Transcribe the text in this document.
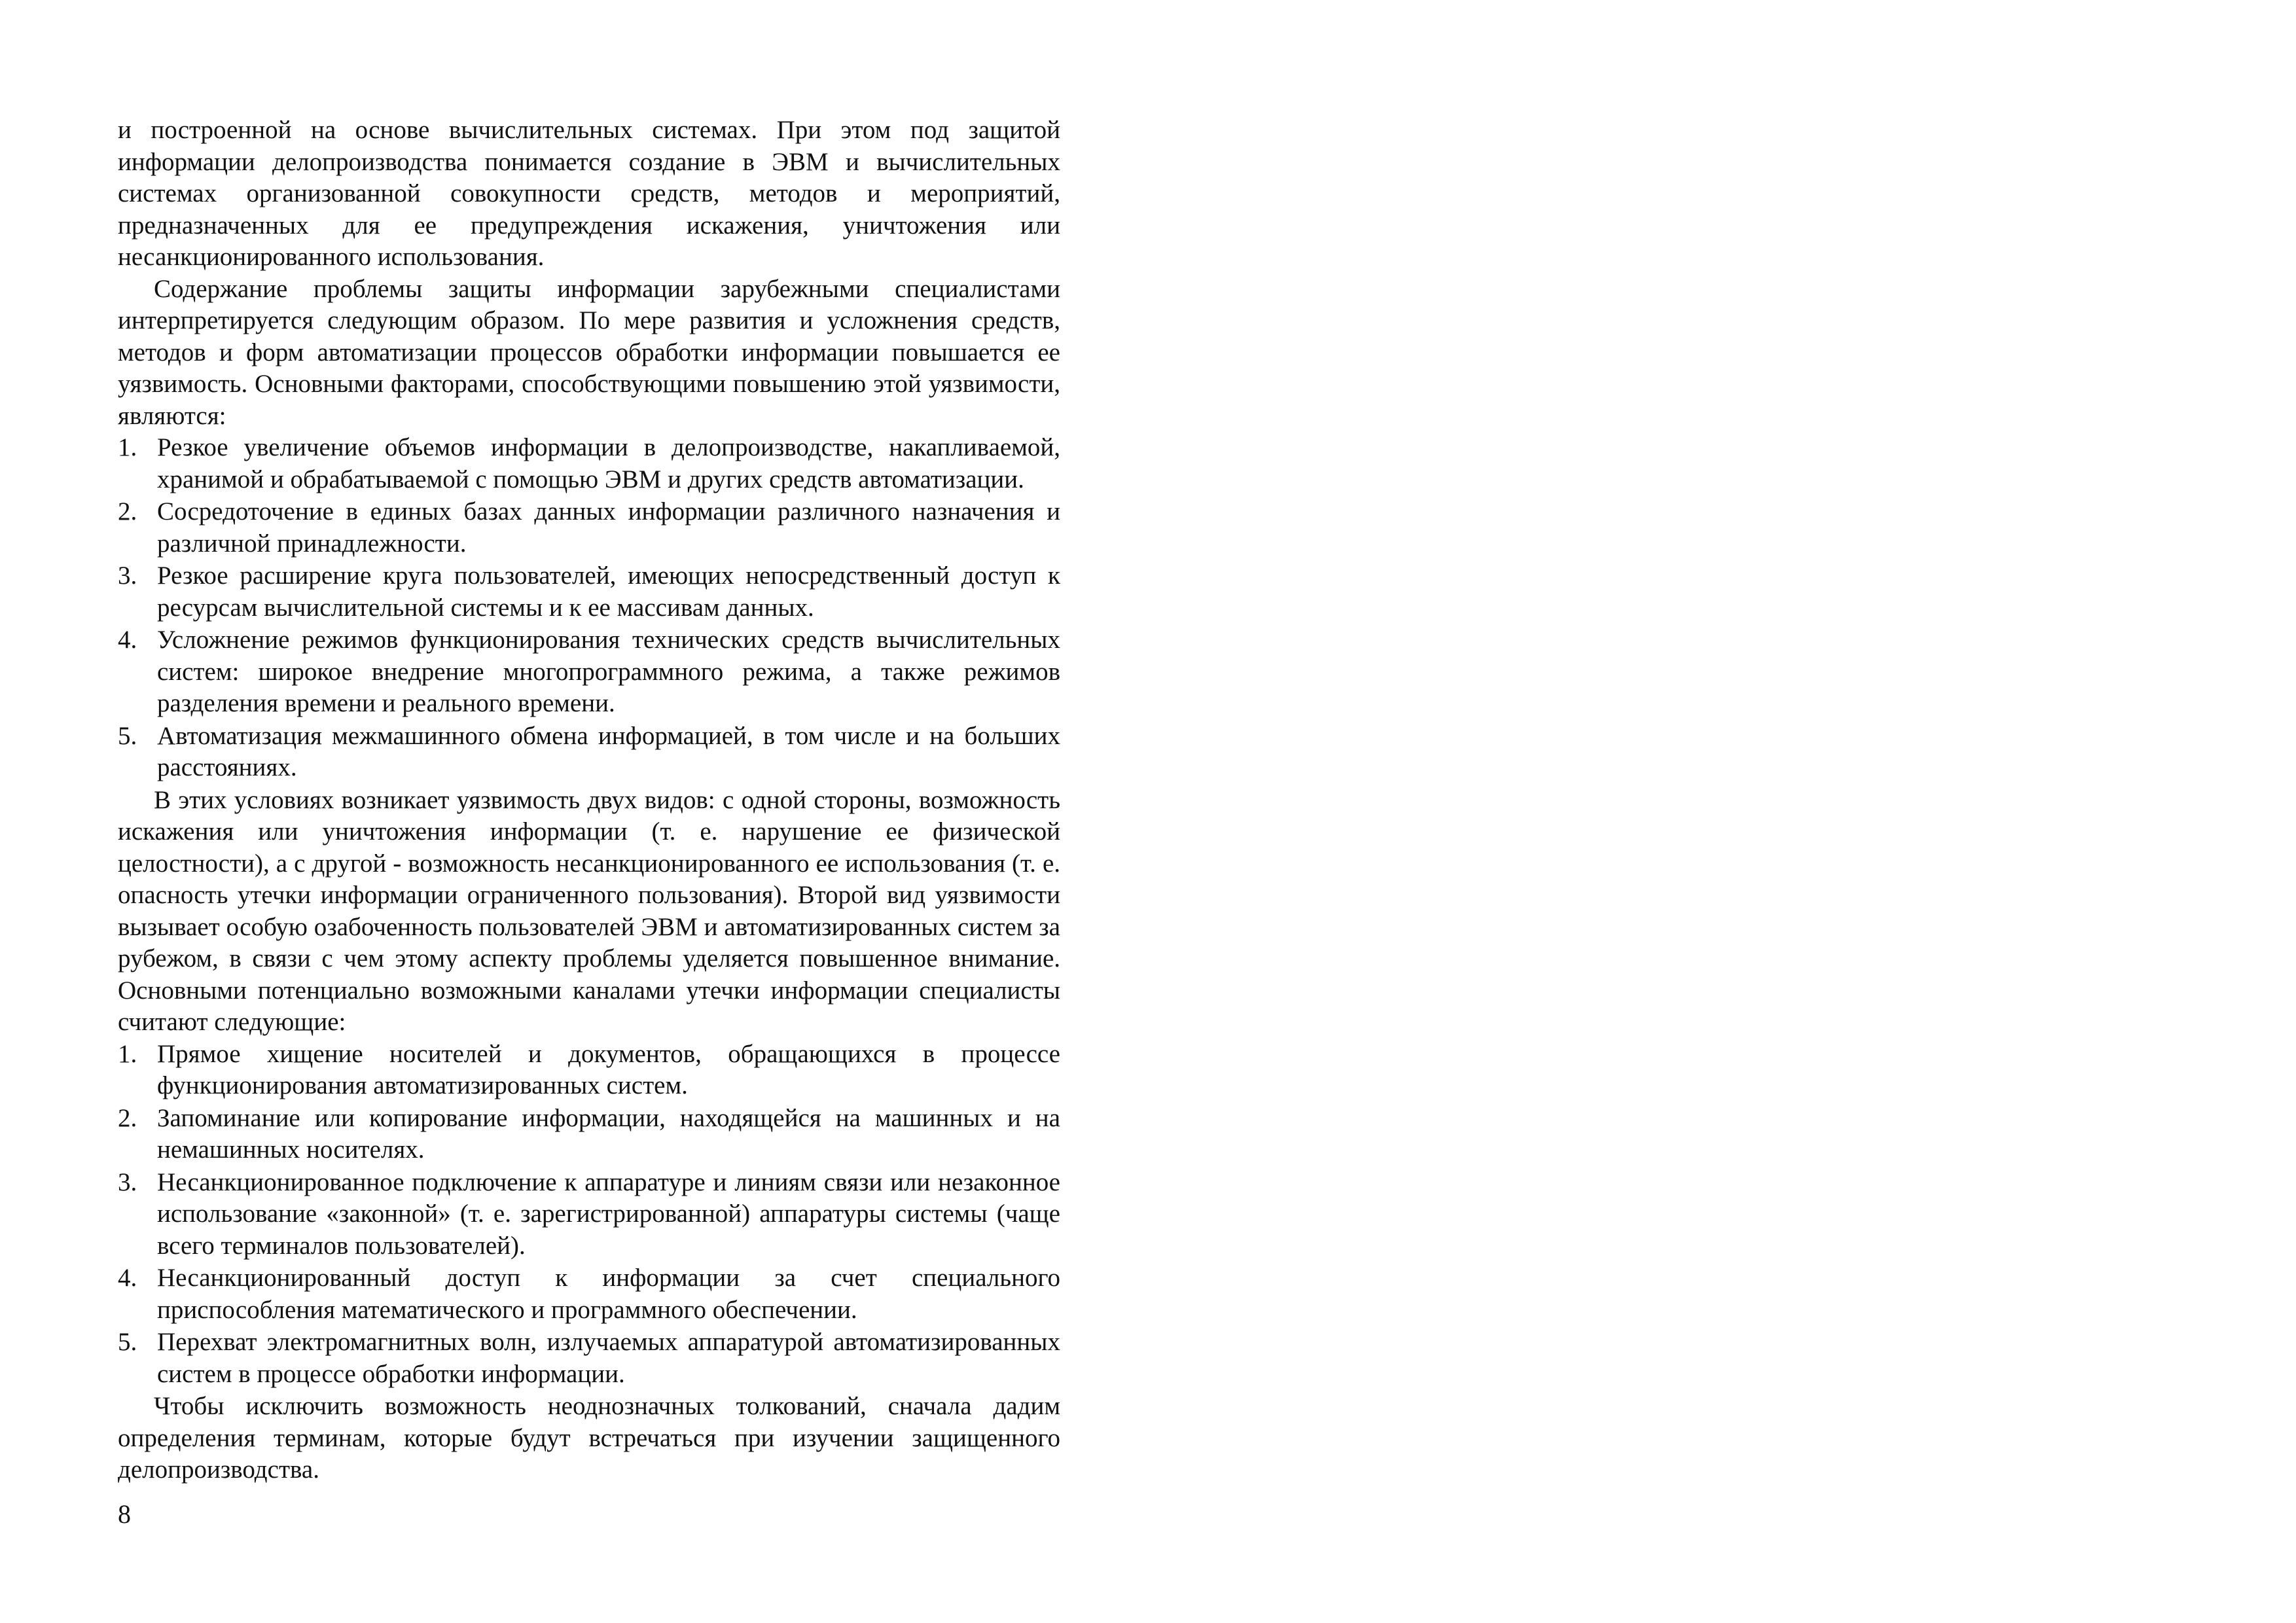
и построенной на основе вычислительных системах. При этом под защитой информации делопроизводства понимается создание в ЭВМ и вычислительных системах организованной совокупности средств, методов и мероприятий, предназначенных для ее предупреждения искажения, уничтожения или несанкционированного использования.

Содержание проблемы защиты информации зарубежными специалистами интерпретируется следующим образом. По мере развития и усложнения средств, методов и форм автоматизации процессов обработки информации повышается ее уязвимость. Основными факторами, способствующими повышению этой уязвимости, являются:

1. Резкое увеличение объемов информации в делопроизводстве, накапливаемой, хранимой и обрабатываемой с помощью ЭВМ и других средств автоматизации.
2. Сосредоточение в единых базах данных информации различного назначения и различной принадлежности.
3. Резкое расширение круга пользователей, имеющих непосредственный доступ к ресурсам вычислительной системы и к ее массивам данных.
4. Усложнение режимов функционирования технических средств вычислительных систем: широкое внедрение многопрограммного режима, а также режимов разделения времени и реального времени.
5. Автоматизация межмашинного обмена информацией, в том числе и на больших расстояниях.

В этих условиях возникает уязвимость двух видов: с одной стороны, возможность искажения или уничтожения информации (т. е. нарушение ее физической целостности), а с другой - возможность несанкционированного ее использования (т. е. опасность утечки информации ограниченного пользования). Второй вид уязвимости вызывает особую озабоченность пользователей ЭВМ и автоматизированных систем за рубежом, в связи с чем этому аспекту проблемы уделяется повышенное внимание. Основными потенциально возможными каналами утечки информации специалисты считают следующие:

1. Прямое хищение носителей и документов, обращающихся в процессе функционирования автоматизированных систем.
2. Запоминание или копирование информации, находящейся на машинных и на немашинных носителях.
3. Несанкционированное подключение к аппаратуре и линиям связи или незаконное использование «законной» (т. е. зарегистрированной) аппаратуры системы (чаще всего терминалов пользователей).
4. Несанкционированный доступ к информации за счет специального приспособления математического и программного обеспечении.
5. Перехват электромагнитных волн, излучаемых аппаратурой автоматизированных систем в процессе обработки информации.

Чтобы исключить возможность неоднозначных толкований, сначала дадим определения терминам, которые будут встречаться при изучении защищенного делопроизводства.

8
